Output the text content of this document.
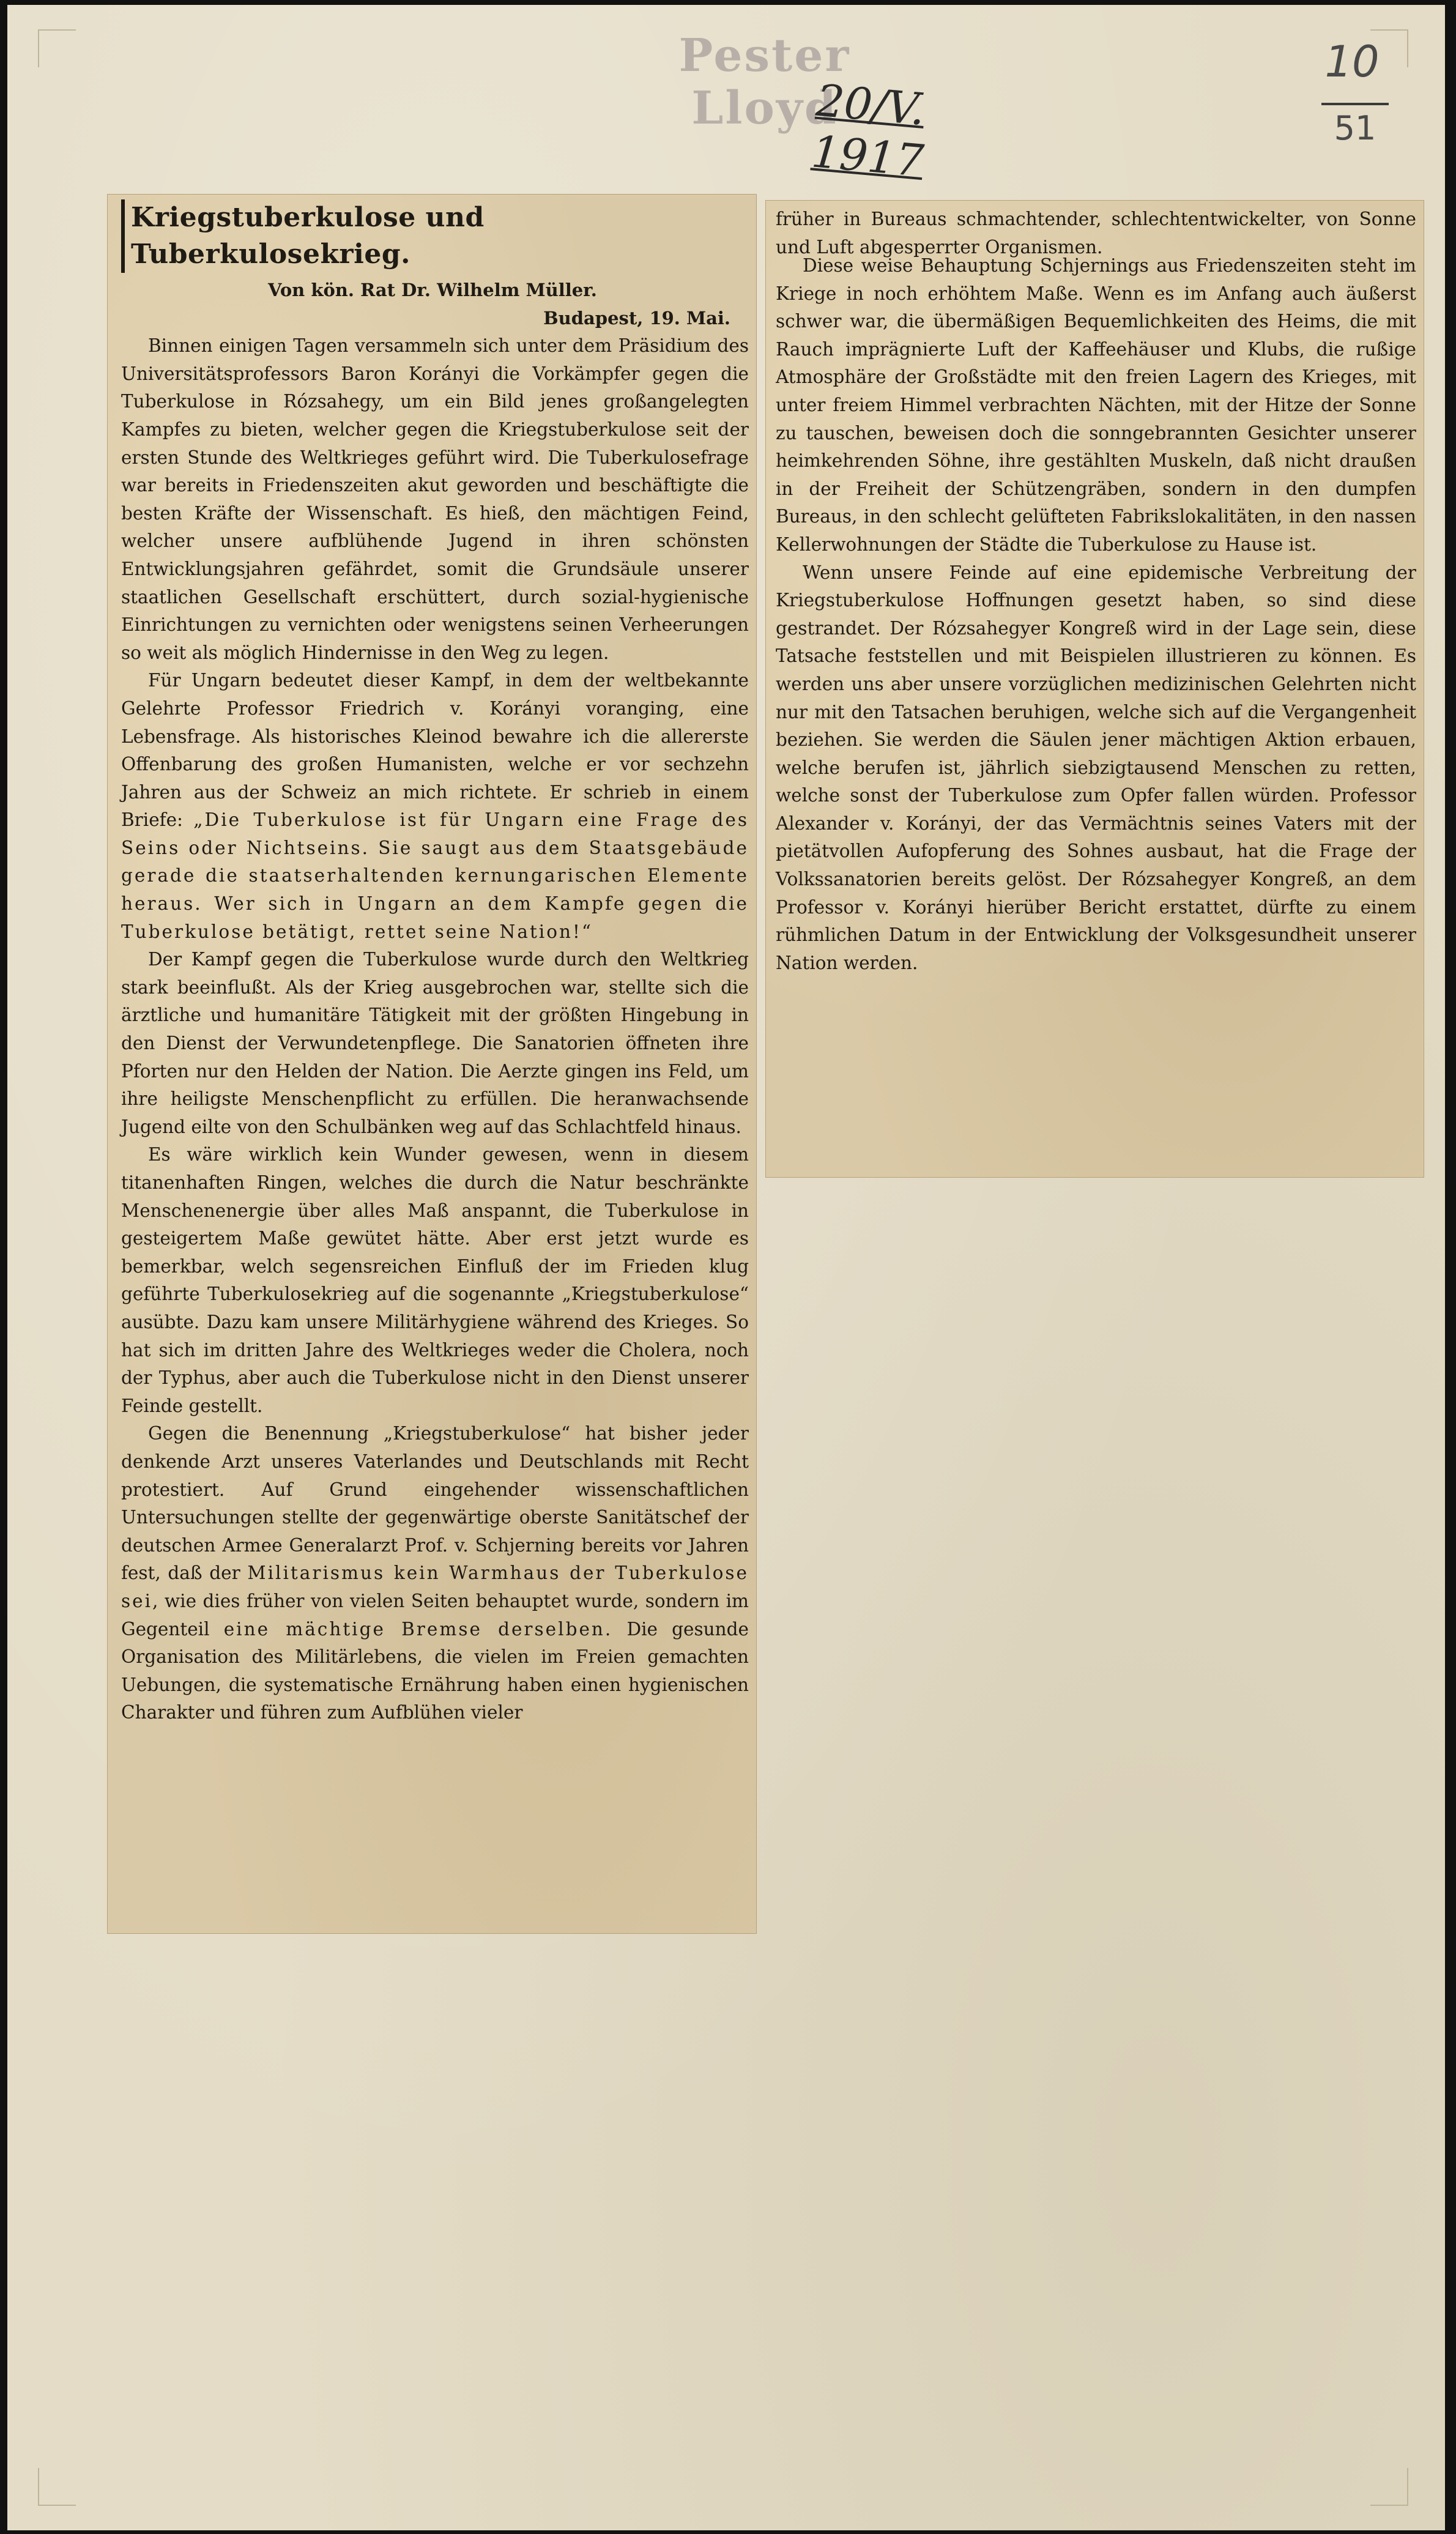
Pester Lloyd
20/V. 1917
10
51
Kriegstuberkulose und Tuberkulosekrieg.

Von kön. Rat Dr. Wilhelm Müller.

Budapest, 19. Mai.

Binnen einigen Tagen versammeln sich unter dem Präsidium des Universitätsprofessors Baron Korányi die Vorkämpfer gegen die Tuberkulose in Rózsahegy, um ein Bild jenes großangelegten Kampfes zu bieten, welcher gegen die Kriegstuberkulose seit der ersten Stunde des Weltkrieges geführt wird. Die Tuberkulosefrage war bereits in Friedenszeiten akut geworden und beschäftigte die besten Kräfte der Wissenschaft. Es hieß, den mächtigen Feind, welcher unsere aufblühende Jugend in ihren schönsten Entwicklungsjahren gefährdet, somit die Grundsäule unserer staatlichen Gesellschaft erschüttert, durch sozial-hygienische Einrichtungen zu vernichten oder wenigstens seinen Verheerungen so weit als möglich Hindernisse in den Weg zu legen.

Für Ungarn bedeutet dieser Kampf, in dem der weltbekannte Gelehrte Professor Friedrich v. Korányi voranging, eine Lebensfrage. Als historisches Kleinod bewahre ich die allererste Offenbarung des großen Humanisten, welche er vor sechzehn Jahren aus der Schweiz an mich richtete. Er schrieb in einem Briefe: „Die Tuberkulose ist für Ungarn eine Frage des Seins oder Nichtseins. Sie saugt aus dem Staatsgebäude gerade die staatserhaltenden kernungarischen Elemente heraus. Wer sich in Ungarn an dem Kampfe gegen die Tuberkulose betätigt, rettet seine Nation!“

Der Kampf gegen die Tuberkulose wurde durch den Weltkrieg stark beeinflußt. Als der Krieg ausgebrochen war, stellte sich die ärztliche und humanitäre Tätigkeit mit der größten Hingebung in den Dienst der Verwundetenpflege. Die Sanatorien öffneten ihre Pforten nur den Helden der Nation. Die Aerzte gingen ins Feld, um ihre heiligste Menschenpflicht zu erfüllen. Die heranwachsende Jugend eilte von den Schulbänken weg auf das Schlachtfeld hinaus.

Es wäre wirklich kein Wunder gewesen, wenn in diesem titanenhaften Ringen, welches die durch die Natur beschränkte Menschenenergie über alles Maß anspannt, die Tuberkulose in gesteigertem Maße gewütet hätte. Aber erst jetzt wurde es bemerkbar, welch segensreichen Einfluß der im Frieden klug geführte Tuberkulosekrieg auf die sogenannte „Kriegstuberkulose“ ausübte. Dazu kam unsere Militärhygiene während des Krieges. So hat sich im dritten Jahre des Weltkrieges weder die Cholera, noch der Typhus, aber auch die Tuberkulose nicht in den Dienst unserer Feinde gestellt.

Gegen die Benennung „Kriegstuberkulose“ hat bisher jeder denkende Arzt unseres Vaterlandes und Deutschlands mit Recht protestiert. Auf Grund eingehender wissenschaftlichen Untersuchungen stellte der gegenwärtige oberste Sanitätschef der deutschen Armee Generalarzt Prof. v. Schjerning bereits vor Jahren fest, daß der Militarismus kein Warmhaus der Tuberkulose sei, wie dies früher von vielen Seiten behauptet wurde, sondern im Gegenteil eine mächtige Bremse derselben. Die gesunde Organisation des Militärlebens, die vielen im Freien gemachten Uebungen, die systematische Ernährung haben einen hygienischen Charakter und führen zum Aufblühen vieler

Diese weise Behauptung Schjernings aus Friedenszeiten steht im Kriege in noch erhöhtem Maße. Wenn es im Anfang auch äußerst schwer war, die übermäßigen Bequemlichkeiten des Heims, die mit Rauch imprägnierte Luft der Kaffeehäuser und Klubs, die rußige Atmosphäre der Großstädte mit den freien Lagern des Krieges, mit unter freiem Himmel verbrachten Nächten, mit der Hitze der Sonne zu tauschen, beweisen doch die sonngebrannten Gesichter unserer heimkehrenden Söhne, ihre gestählten Muskeln, daß nicht draußen in der Freiheit der Schützengräben, sondern in den dumpfen Bureaus, in den schlecht gelüfteten Fabrikslokalitäten, in den nassen Kellerwohnungen der Städte die Tuberkulose zu Hause ist.

Wenn unsere Feinde auf eine epidemische Verbreitung der Kriegstuberkulose Hoffnungen gesetzt haben, so sind diese gestrandet. Der Rózsahegyer Kongreß wird in der Lage sein, diese Tatsache feststellen und mit Beispielen illustrieren zu können. Es werden uns aber unsere vorzüglichen medizinischen Gelehrten nicht nur mit den Tatsachen beruhigen, welche sich auf die Vergangenheit beziehen. Sie werden die Säulen jener mächtigen Aktion erbauen, welche berufen ist, jährlich siebzigtausend Menschen zu retten, welche sonst der Tuberkulose zum Opfer fallen würden. Professor Alexander v. Korányi, der das Vermächtnis seines Vaters mit der pietätvollen Aufopferung des Sohnes ausbaut, hat die Frage der Volkssanatorien bereits gelöst. Der Rózsahegyer Kongreß, an dem Professor v. Korányi hierüber Bericht erstattet, dürfte zu einem rühmlichen Datum in der Entwicklung der Volksgesundheit unserer Nation werden.

früher in Bureaus schmachtender, schlechtentwickelter, von Sonne und Luft abgesperrter Organismen.
